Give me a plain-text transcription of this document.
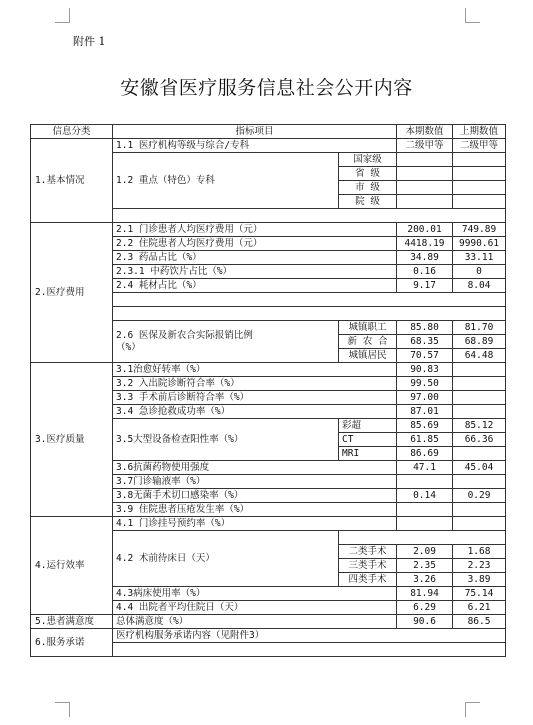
附件 1
安徽省医疗服务信息社会公开内容
信息分类	指标项目		本期数值	上期数值
1.基本情况	1.1 医疗机构等级与综合/专科		二级甲等	二级甲等
	1.2 重点（特色）专科	国家级		
		省 级		
		市 级		
		院 级		

2.医疗费用	2.1 门诊患者人均医疗费用（元）		200.01	749.89
	2.2 住院患者人均医疗费用（元）		4418.19	9990.61
	2.3 药品占比（%）		34.89	33.11
	2.3.1 中药饮片占比（%）		0.16	0
	2.4 耗材占比（%）		9.17	8.04

	2.6 医保及新农合实际报销比例
（%）	城镇职工	85.80	81.70
		新 农 合	68.35	68.89
		城镇居民	70.57	64.48
3.医疗质量	3.1治愈好转率（%）		90.83	
	3.2 入出院诊断符合率（%）		99.50	
	3.3 手术前后诊断符合率（%）		97.00	
	3.4 急诊抢救成功率（%）		87.01	
	3.5大型设备检查阳性率（%）	彩超	85.69	85.12
		CT	61.85	66.36
		MRI	86.69	
	3.6抗菌药物使用强度		47.1	45.04
	3.7门诊输液率（%）			
	3.8无菌手术切口感染率（%）		0.14	0.29
	3.9 住院患者压疮发生率（%）			
4.运行效率	4.1 门诊挂号预约率（%）			
	4.2 术前待床日（天）			
		二类手术	2.09	1.68
		三类手术	2.35	2.23
		四类手术	3.26	3.89
	4.3病床使用率（%）		81.94	75.14
	4.4 出院者平均住院日（天）		6.29	6.21
5.患者满意度	总体满意度（%）		90.6	86.5
6.服务承诺	医疗机构服务承诺内容（见附件3）			
